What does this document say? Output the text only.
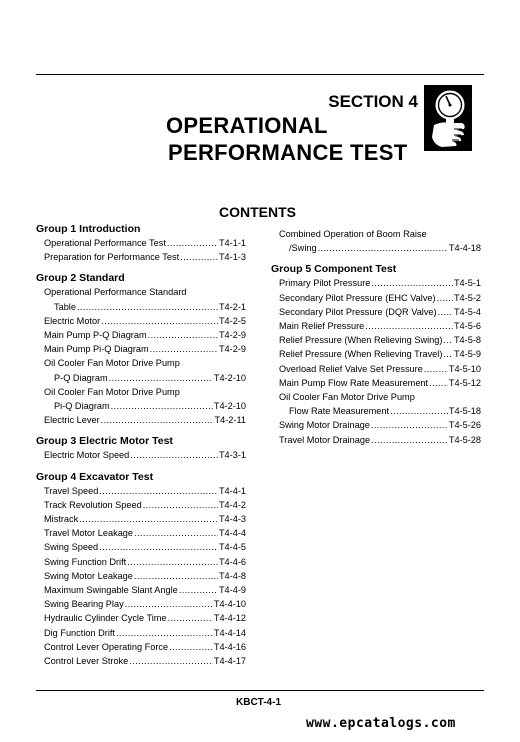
SECTION 4
OPERATIONAL
PERFORMANCE TEST
CONTENTS
Group 1 Introduction
Operational Performance Test .....	T4-1-1
Preparation for Performance Test .....	T4-1-3
Group 2 Standard
Operational Performance Standard
Table .....	T4-2-1
Electric Motor .....	T4-2-5
Main Pump P-Q Diagram .....	T4-2-9
Main Pump Pi-Q Diagram .....	T4-2-9
Oil Cooler Fan Motor Drive Pump
P-Q Diagram .....	T4-2-10
Oil Cooler Fan Motor Drive Pump
Pi-Q Diagram .....	T4-2-10
Electric Lever .....	T4-2-11
Group 3 Electric Motor Test
Electric Motor Speed .....	T4-3-1
Group 4 Excavator Test
Travel Speed .....	T4-4-1
Track Revolution Speed .....	T4-4-2
Mistrack .....	T4-4-3
Travel Motor Leakage .....	T4-4-4
Swing Speed .....	T4-4-5
Swing Function Drift .....	T4-4-6
Swing Motor Leakage .....	T4-4-8
Maximum Swingable Slant Angle .....	T4-4-9
Swing Bearing Play .....	T4-4-10
Hydraulic Cylinder Cycle Time .....	T4-4-12
Dig Function Drift .....	T4-4-14
Control Lever Operating Force .....	T4-4-16
Control Lever Stroke .....	T4-4-17
Combined Operation of Boom Raise
/Swing .....	T4-4-18
Group 5 Component Test
Primary Pilot Pressure .....	T4-5-1
Secondary Pilot Pressure (EHC Valve) ..... T4-5-2
Secondary Pilot Pressure (DQR Valve) ..... T4-5-4
Main Relief Pressure .....	T4-5-6
Relief Pressure (When Relieving Swing) ..... T4-5-8
Relief Pressure (When Relieving Travel) ..... T4-5-9
Overload Relief Valve Set Pressure .....	T4-5-10
Main Pump Flow Rate Measurement ..... T4-5-12
Oil Cooler Fan Motor Drive Pump
Flow Rate Measurement .....	T4-5-18
Swing Motor Drainage .....	T4-5-26
Travel Motor Drainage .....	T4-5-28
KBCT-4-1
www.epcatalogs.com
